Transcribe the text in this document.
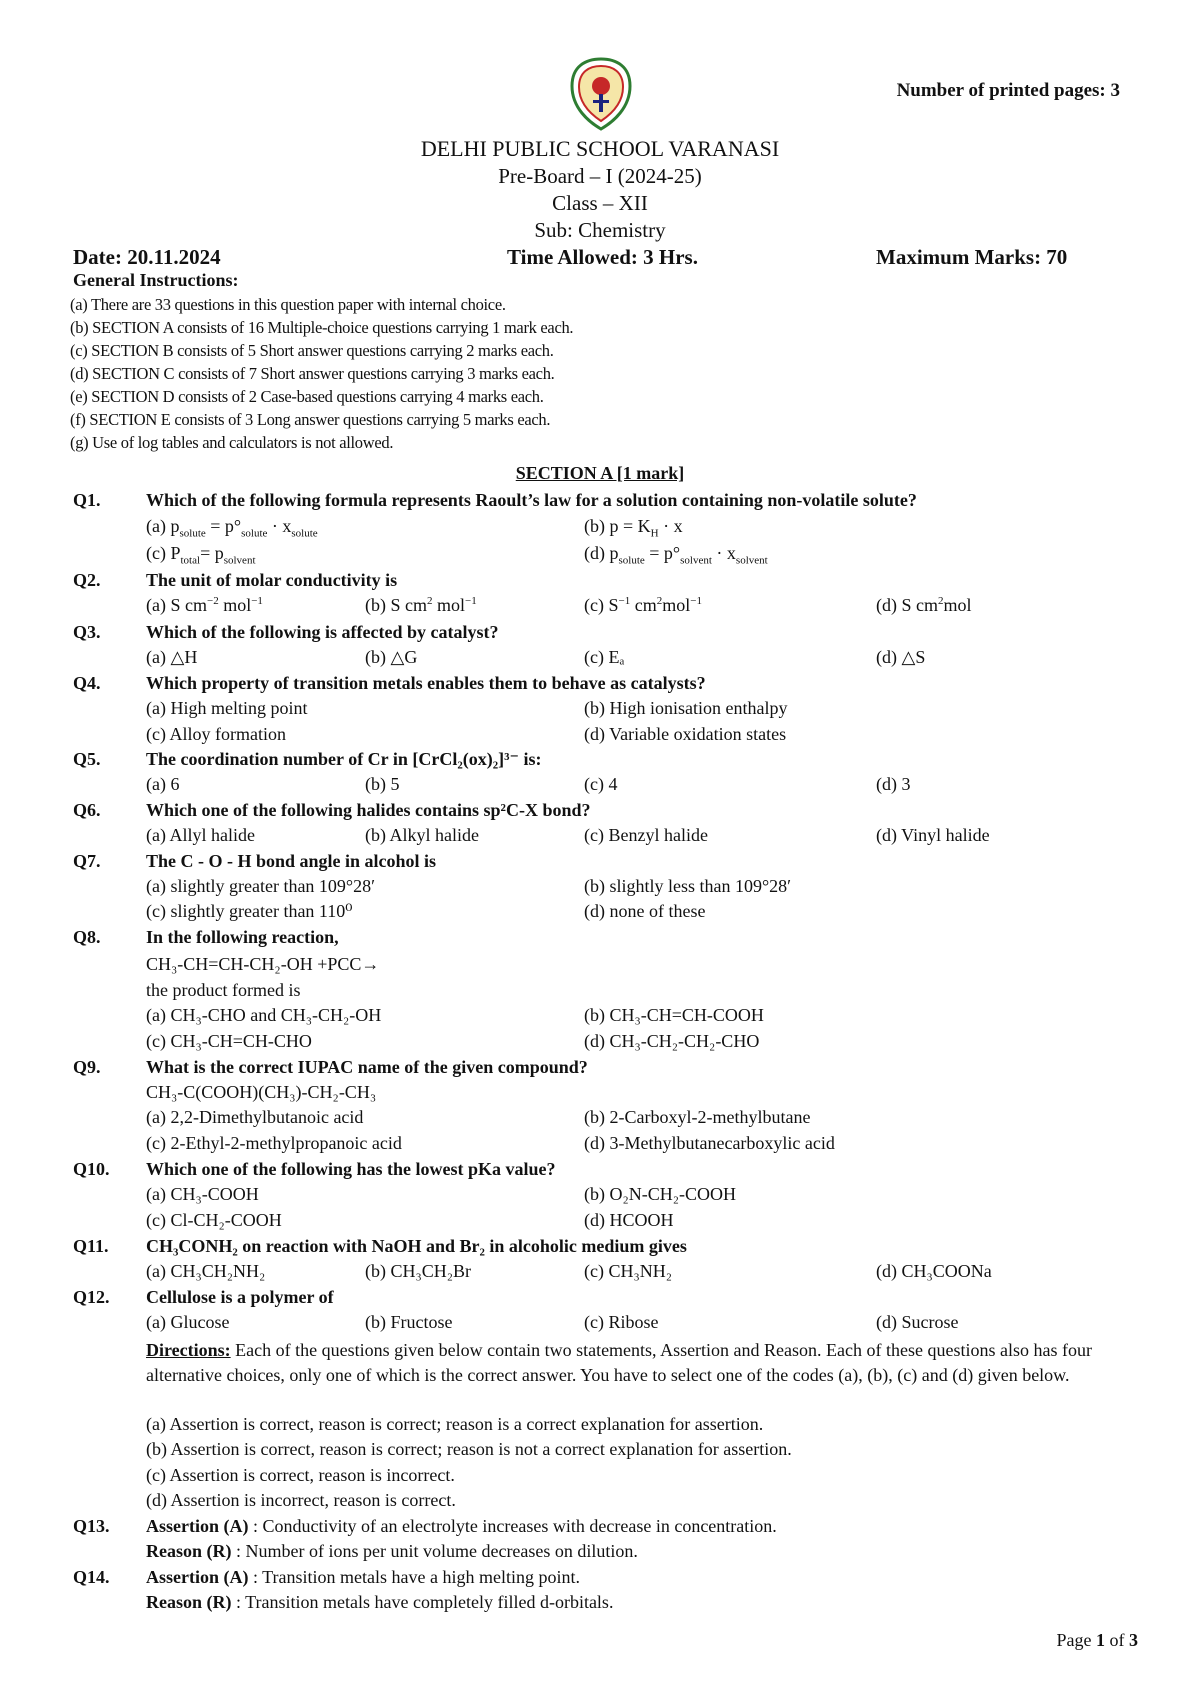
Number of printed pages: 3
DELHI PUBLIC SCHOOL VARANASI
Pre-Board – I (2024-25)
Class – XII
Sub: Chemistry
Date: 20.11.2024	Time Allowed: 3 Hrs.	Maximum Marks: 70
General Instructions:
(a) There are 33 questions in this question paper with internal choice.
(b) SECTION A consists of 16 Multiple-choice questions carrying 1 mark each.
(c) SECTION B consists of 5 Short answer questions carrying 2 marks each.
(d) SECTION C consists of 7 Short answer questions carrying 3 marks each.
(e) SECTION D consists of 2 Case-based questions carrying 4 marks each.
(f) SECTION E consists of 3 Long answer questions carrying 5 marks each.
(g) Use of log tables and calculators is not allowed.
SECTION A [1 mark]
Q1.	Which of the following formula represents Raoult’s law for a solution containing non-volatile solute?
(a) $p_{solute} = p^\circ_{solute} \cdot x_{solute}$	(b) $p = K_H \cdot x$
(c) $P_{total}= p_{solvent}$	(d) $p_{solute} = p^\circ_{solvent} \cdot x_{solvent}$
Q2.	The unit of molar conductivity is
(a) S $cm^{-2}$ mol$^{-1}$	(b) S $cm^2$ mol$^{-1}$	(c) $S^{-1}$ $cm^2mol^{-1}$	(d) S $cm^2mol$
Q3.	Which of the following is affected by catalyst?
(a) △H	(b) △G	(c) Eₐ	(d) △S
Q4.	Which property of transition metals enables them to behave as catalysts?
(a) High melting point	(b) High ionisation enthalpy
(c) Alloy formation	(d) Variable oxidation states
Q5.	The coordination number of Cr in [CrCl₂(ox)₂]³⁻ is:
(a) 6	(b) 5	(c) 4	(d) 3
Q6.	Which one of the following halides contains sp²C-X bond?
(a) Allyl halide	(b) Alkyl halide	(c) Benzyl halide	(d) Vinyl halide
Q7.	The C - O - H bond angle in alcohol is
(a) slightly greater than 109°28′	(b) slightly less than 109°28′
(c) slightly greater than 110⁰	(d) none of these
Q8.	In the following reaction,
CH₃-CH=CH-CH₂-OH +PCC→
the product formed is
(a) CH₃-CHO and CH₃-CH₂-OH	(b) CH₃-CH=CH-COOH
(c) CH₃-CH=CH-CHO	(d) CH₃-CH₂-CH₂-CHO
Q9.	What is the correct IUPAC name of the given compound?
CH₃-C(COOH)(CH₃)-CH₂-CH₃
(a) 2,2-Dimethylbutanoic acid	(b) 2-Carboxyl-2-methylbutane
(c) 2-Ethyl-2-methylpropanoic acid	(d) 3-Methylbutanecarboxylic acid
Q10. Which one of the following has the lowest pKa value?
(a) CH₃-COOH	(b) O₂N-CH₂-COOH
(c) Cl-CH₂-COOH	(d) HCOOH
Q11. CH₃CONH₂ on reaction with NaOH and Br₂ in alcoholic medium gives
(a) CH₃CH₂NH₂	(b) CH₃CH₂Br	(c) CH₃NH₂	(d) CH₃COONa
Q12. Cellulose is a polymer of
(a) Glucose	(b) Fructose	(c) Ribose	(d) Sucrose
Directions: Each of the questions given below contain two statements, Assertion and Reason. Each of these questions also has four alternative choices, only one of which is the correct answer. You have to select one of the codes (a), (b), (c) and (d) given below.
(a) Assertion is correct, reason is correct; reason is a correct explanation for assertion.
(b) Assertion is correct, reason is correct; reason is not a correct explanation for assertion.
(c) Assertion is correct, reason is incorrect.
(d) Assertion is incorrect, reason is correct.
Q13. Assertion (A) : Conductivity of an electrolyte increases with decrease in concentration.
Reason (R) : Number of ions per unit volume decreases on dilution.
Q14. Assertion (A) : Transition metals have a high melting point.
Reason (R) : Transition metals have completely filled d-orbitals.
Page 1 of 3
